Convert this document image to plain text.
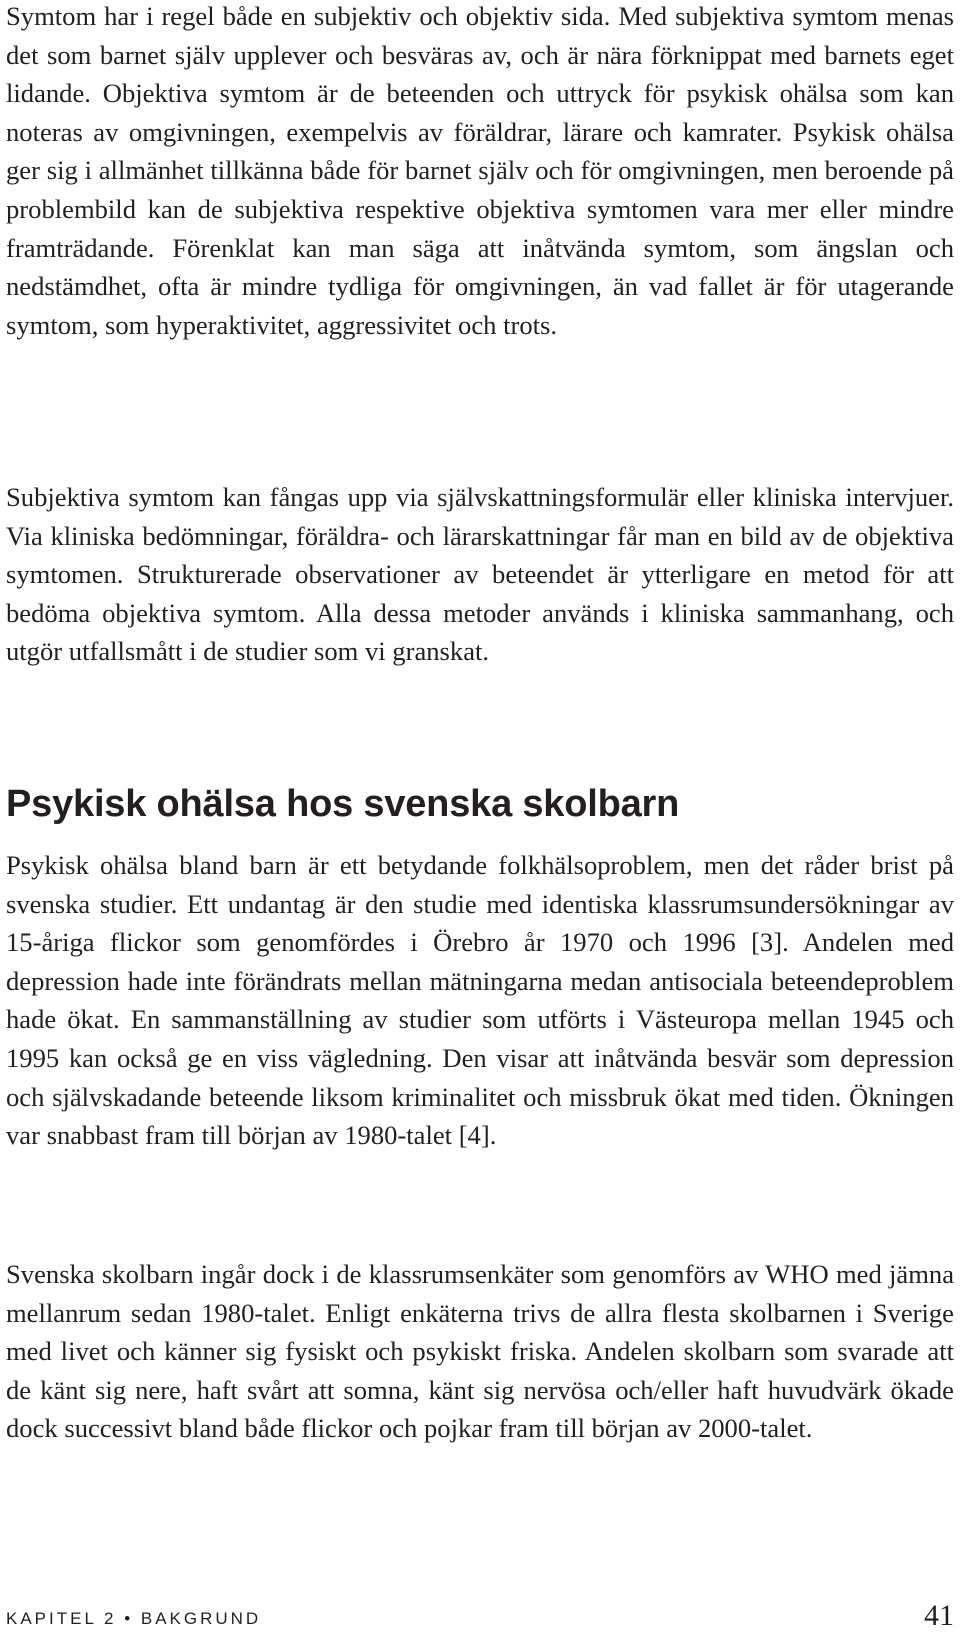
Symtom har i regel både en subjektiv och objektiv sida. Med subjektiva symtom menas det som barnet själv upplever och besväras av, och är nära förknippat med barnets eget lidande. Objektiva symtom är de beteenden och uttryck för psykisk ohälsa som kan noteras av omgivningen, exempelvis av föräldrar, lärare och kamrater. Psykisk ohälsa ger sig i allmänhet tillkänna både för barnet själv och för omgivningen, men beroende på problembild kan de subjektiva respektive objektiva symtomen vara mer eller mindre framträdande. Förenklat kan man säga att inåtvända symtom, som ängslan och nedstämdhet, ofta är mindre tydliga för omgivningen, än vad fallet är för utagerande symtom, som hyperaktivitet, aggressivitet och trots.

Subjektiva symtom kan fångas upp via självskattningsformulär eller kliniska intervjuer. Via kliniska bedömningar, föräldra- och lärarskattningar får man en bild av de objektiva symtomen. Strukturerade observationer av beteendet är ytterligare en metod för att bedöma objektiva symtom. Alla dessa metoder används i kliniska sammanhang, och utgör utfallsmått i de studier som vi granskat.

Psykisk ohälsa hos svenska skolbarn

Psykisk ohälsa bland barn är ett betydande folkhälsoproblem, men det råder brist på svenska studier. Ett undantag är den studie med identiska klassrumsundersökningar av 15-åriga flickor som genomfördes i Örebro år 1970 och 1996 [3]. Andelen med depression hade inte förändrats mellan mätningarna medan antisociala beteendeproblem hade ökat. En sammanställning av studier som utförts i Västeuropa mellan 1945 och 1995 kan också ge en viss vägledning. Den visar att inåtvända besvär som depression och självskadande beteende liksom kriminalitet och missbruk ökat med tiden. Ökningen var snabbast fram till början av 1980-talet [4].

Svenska skolbarn ingår dock i de klassrumsenkäter som genomförs av WHO med jämna mellanrum sedan 1980-talet. Enligt enkäterna trivs de allra flesta skolbarnen i Sverige med livet och känner sig fysiskt och psykiskt friska. Andelen skolbarn som svarade att de känt sig nere, haft svårt att somna, känt sig nervösa och/eller haft huvudvärk ökade dock successivt bland både flickor och pojkar fram till början av 2000-talet.

KAPITEL 2 • BAKGRUND	41
